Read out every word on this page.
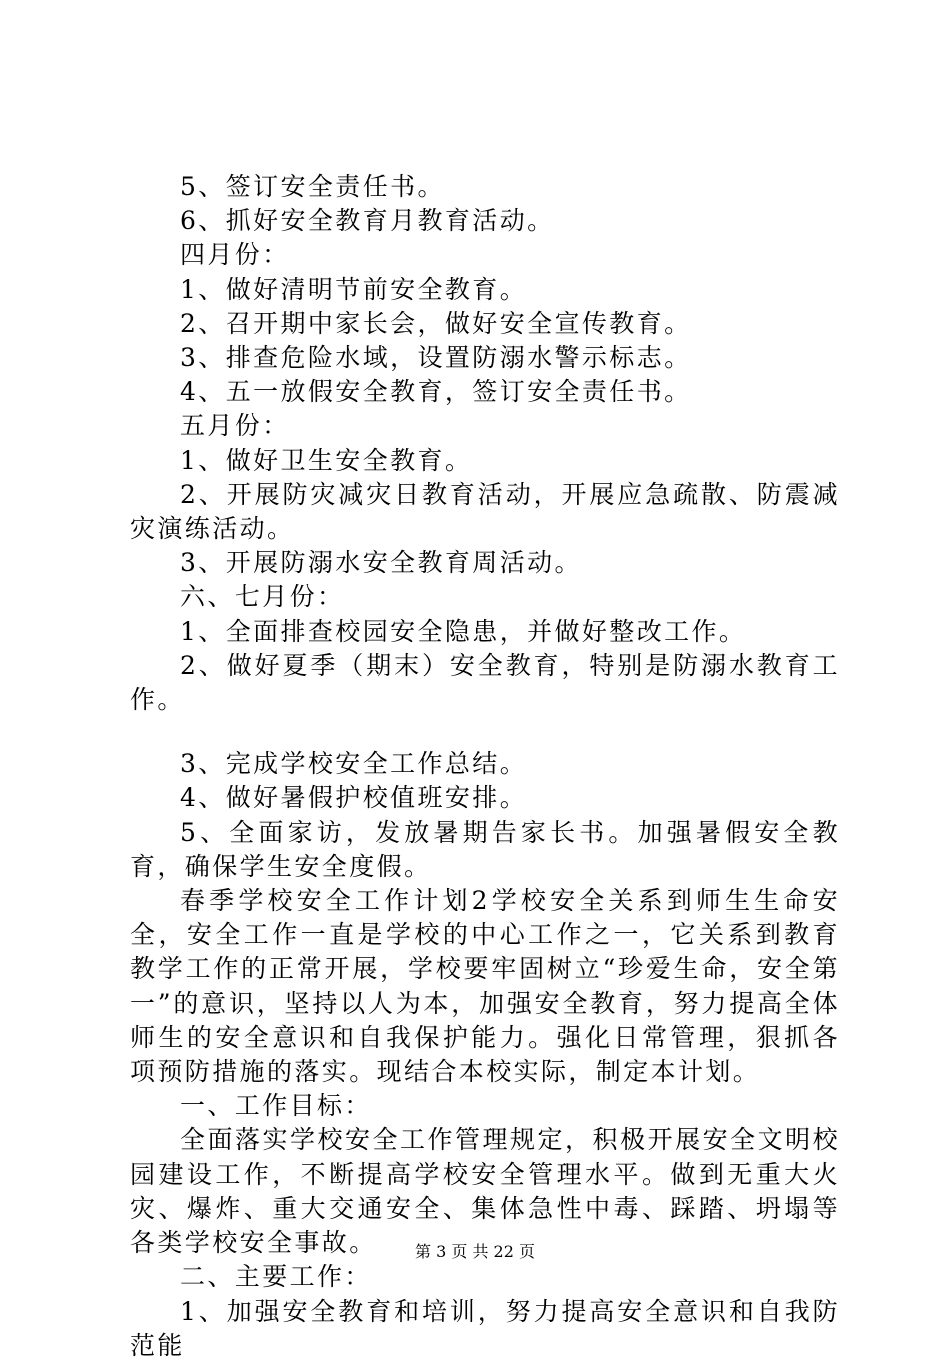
5、签订安全责任书。

6、抓好安全教育月教育活动。

四月份：

1、做好清明节前安全教育。

2、召开期中家长会，做好安全宣传教育。

3、排查危险水域，设置防溺水警示标志。

4、五一放假安全教育，签订安全责任书。

五月份：

1、做好卫生安全教育。

2、开展防灾减灾日教育活动，开展应急疏散、防震减灾演练活动。

3、开展防溺水安全教育周活动。

六、七月份：

1、全面排查校园安全隐患，并做好整改工作。

2、做好夏季（期末）安全教育，特别是防溺水教育工作。

3、完成学校安全工作总结。

4、做好暑假护校值班安排。

5、全面家访，发放暑期告家长书。加强暑假安全教育，确保学生安全度假。

春季学校安全工作计划2学校安全关系到师生生命安全，安全工作一直是学校的中心工作之一，它关系到教育教学工作的正常开展，学校要牢固树立“珍爱生命，安全第一”的意识，坚持以人为本，加强安全教育，努力提高全体师生的安全意识和自我保护能力。强化日常管理，狠抓各项预防措施的落实。现结合本校实际，制定本计划。

一、工作目标：

全面落实学校安全工作管理规定，积极开展安全文明校园建设工作，不断提高学校安全管理水平。做到无重大火灾、爆炸、重大交通安全、集体急性中毒、踩踏、坍塌等各类学校安全事故。

二、主要工作：

1、加强安全教育和培训，努力提高安全意识和自我防范能

第 3 页 共 22 页
